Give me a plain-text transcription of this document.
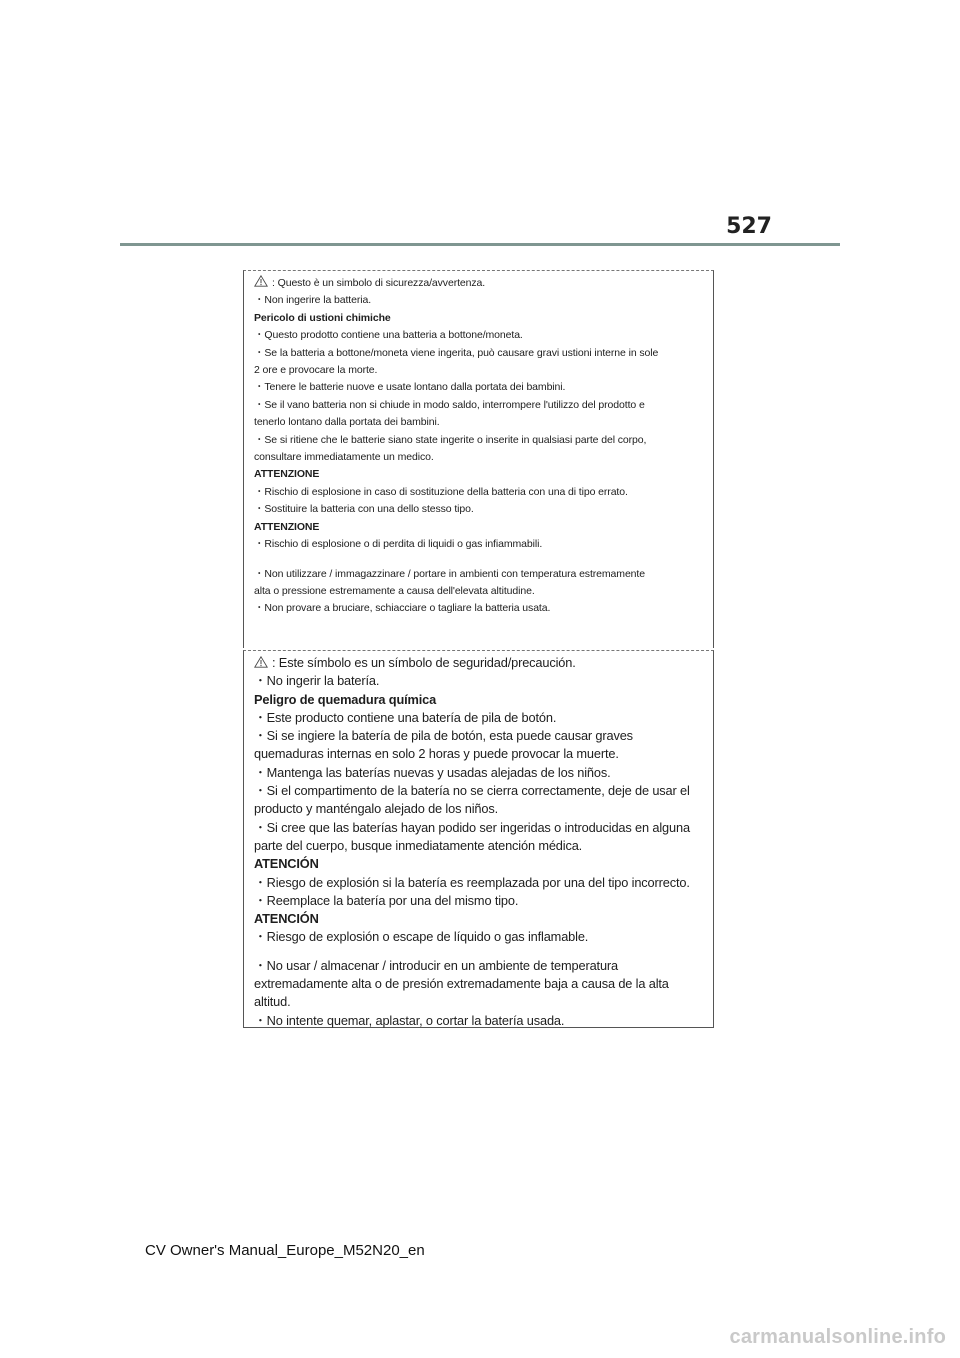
527
: Questo è un simbolo di sicurezza/avvertenza.
・Non ingerire la batteria.
Pericolo di ustioni chimiche
・Questo prodotto contiene una batteria a bottone/moneta.
・Se la batteria a bottone/moneta viene ingerita, può causare gravi ustioni interne in sole
2 ore e provocare la morte.
・Tenere le batterie nuove e usate lontano dalla portata dei bambini.
・Se il vano batteria non si chiude in modo saldo, interrompere l'utilizzo del prodotto e
tenerlo lontano dalla portata dei bambini.
・Se si ritiene che le batterie siano state ingerite o inserite in qualsiasi parte del corpo,
consultare immediatamente un medico.
ATTENZIONE
・Rischio di esplosione in caso di sostituzione della batteria con una di tipo errato.
・Sostituire la batteria con una dello stesso tipo.
ATTENZIONE
・Rischio di esplosione o di perdita di liquidi o gas infiammabili.
・Non utilizzare / immagazzinare / portare in ambienti con temperatura estremamente
alta o pressione estremamente a causa dell'elevata altitudine.
・Non provare a bruciare, schiacciare o tagliare la batteria usata.
: Este símbolo es un símbolo de seguridad/precaución.
・No ingerir la batería.
Peligro de quemadura química
・Este producto contiene una batería de pila de botón.
・Si se ingiere la batería de pila de botón, esta puede causar graves
quemaduras internas en solo 2 horas y puede provocar la muerte.
・Mantenga las baterías nuevas y usadas alejadas de los niños.
・Si el compartimento de la batería no se cierra correctamente, deje de usar el
producto y manténgalo alejado de los niños.
・Si cree que las baterías hayan podido ser ingeridas o introducidas en alguna
parte del cuerpo, busque inmediatamente atención médica.
ATENCIÓN
・Riesgo de explosión si la batería es reemplazada por una del tipo incorrecto.
・Reemplace la batería por una del mismo tipo.
ATENCIÓN
・Riesgo de explosión o escape de líquido o gas inflamable.
・No usar / almacenar / introducir en un ambiente de temperatura
extremadamente alta o de presión extremadamente baja a causa de la alta
altitud.
・No intente quemar, aplastar, o cortar la batería usada.
CV Owner's Manual_Europe_M52N20_en
carmanualsonline.info
